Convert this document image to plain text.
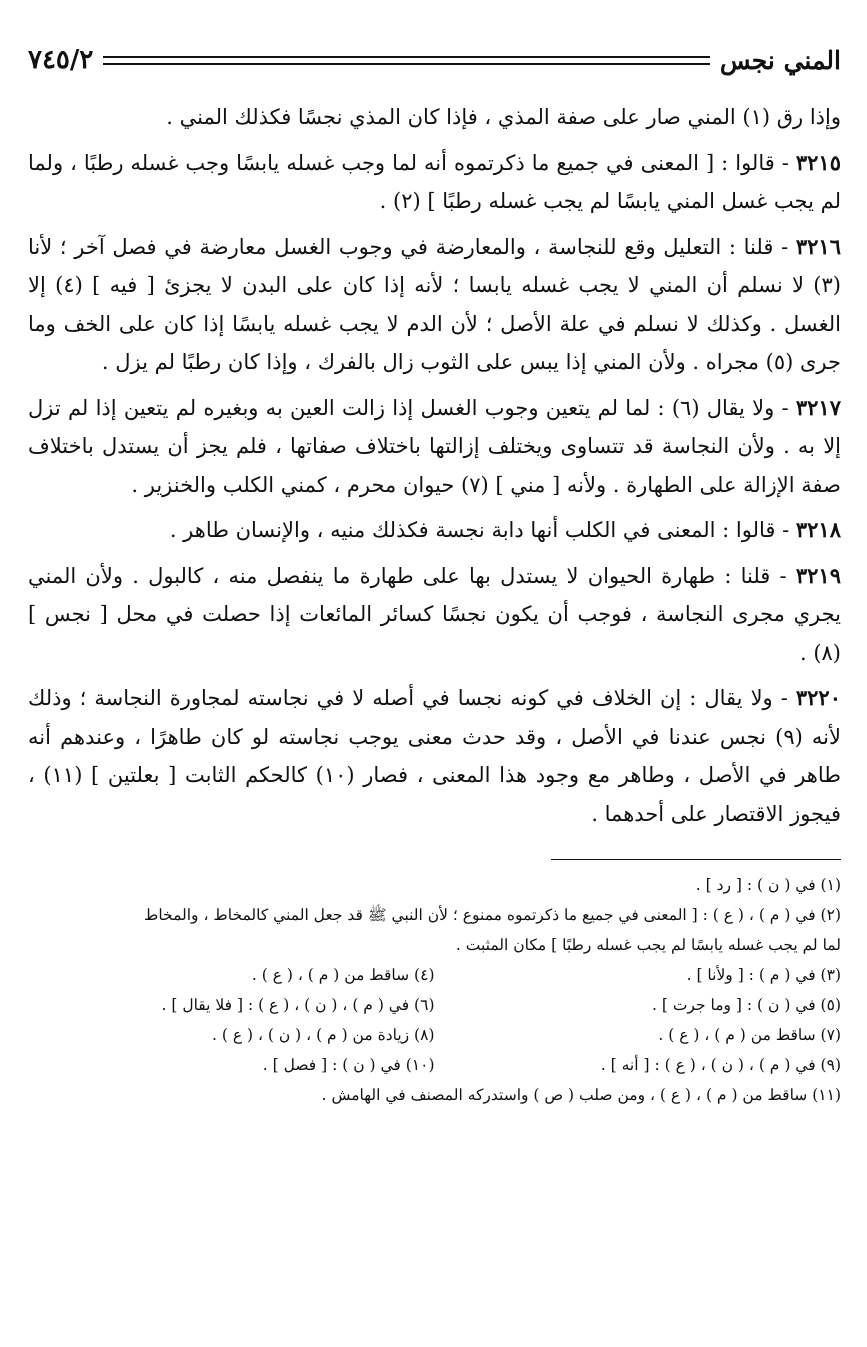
المني نجس
٧٤٥/٢

وإذا رق (١) المني صار على صفة المذي ، فإذا كان المذي نجسًا فكذلك المني .

٣٢١٥ - قالوا : [ المعنى في جميع ما ذكرتموه أنه لما وجب غسله يابسًا وجب غسله رطبًا ، ولما لم يجب غسل المني يابسًا لم يجب غسله رطبًا ] (٢) .

٣٢١٦ - قلنا : التعليل وقع للنجاسة ، والمعارضة في وجوب الغسل معارضة في فصل آخر ؛ لأنا (٣) لا نسلم أن المني لا يجب غسله يابسا ؛ لأنه إذا كان على البدن لا يجزئ [ فيه ] (٤) إلا الغسل . وكذلك لا نسلم في علة الأصل ؛ لأن الدم لا يجب غسله يابسًا إذا كان على الخف وما جرى (٥) مجراه . ولأن المني إذا يبس على الثوب زال بالفرك ، وإذا كان رطبًا لم يزل .

٣٢١٧ - ولا يقال (٦) : لما لم يتعين وجوب الغسل إذا زالت العين به وبغيره لم يتعين إذا لم تزل إلا به . ولأن النجاسة قد تتساوى ويختلف إزالتها باختلاف صفاتها ، فلم يجز أن يستدل باختلاف صفة الإزالة على الطهارة . ولأنه [ مني ] (٧) حيوان محرم ، كمني الكلب والخنزير .

٣٢١٨ - قالوا : المعنى في الكلب أنها دابة نجسة فكذلك منيه ، والإنسان طاهر .

٣٢١٩ - قلنا : طهارة الحيوان لا يستدل بها على طهارة ما ينفصل منه ، كالبول . ولأن المني يجري مجرى النجاسة ، فوجب أن يكون نجسًا كسائر المائعات إذا حصلت في محل [ نجس ] (٨) .

٣٢٢٠ - ولا يقال : إن الخلاف في كونه نجسا في أصله لا في نجاسته لمجاورة النجاسة ؛ وذلك لأنه (٩) نجس عندنا في الأصل ، وقد حدث معنى يوجب نجاسته لو كان طاهرًا ، وعندهم أنه طاهر في الأصل ، وطاهر مع وجود هذا المعنى ، فصار (١٠) كالحكم الثابت [ بعلتين ] (١١) ، فيجوز الاقتصار على أحدهما .

(١) في ( ن ) : [ رد ] .
(٢) في ( م ) ، ( ع ) : [ المعنى في جميع ما ذكرتموه ممنوع ؛ لأن النبي ﷺ قد جعل المني كالمخاط ، والمخاط
لما لم يجب غسله يابسًا لم يجب غسله رطبًا ] مكان المثبت .
(٣) في ( م ) : [ ولأنا ] .
(٤) ساقط من ( م ) ، ( ع ) .
(٥) في ( ن ) : [ وما جرت ] .
(٦) في ( م ) ، ( ن ) ، ( ع ) : [ فلا يقال ] .
(٧) ساقط من ( م ) ، ( ع ) .
(٨) زيادة من ( م ) ، ( ن ) ، ( ع ) .
(٩) في ( م ) ، ( ن ) ، ( ع ) : [ أنه ] .
(١٠) في ( ن ) : [ فصل ] .
(١١) ساقط من ( م ) ، ( ع ) ، ومن صلب ( ص ) واستدركه المصنف في الهامش .
